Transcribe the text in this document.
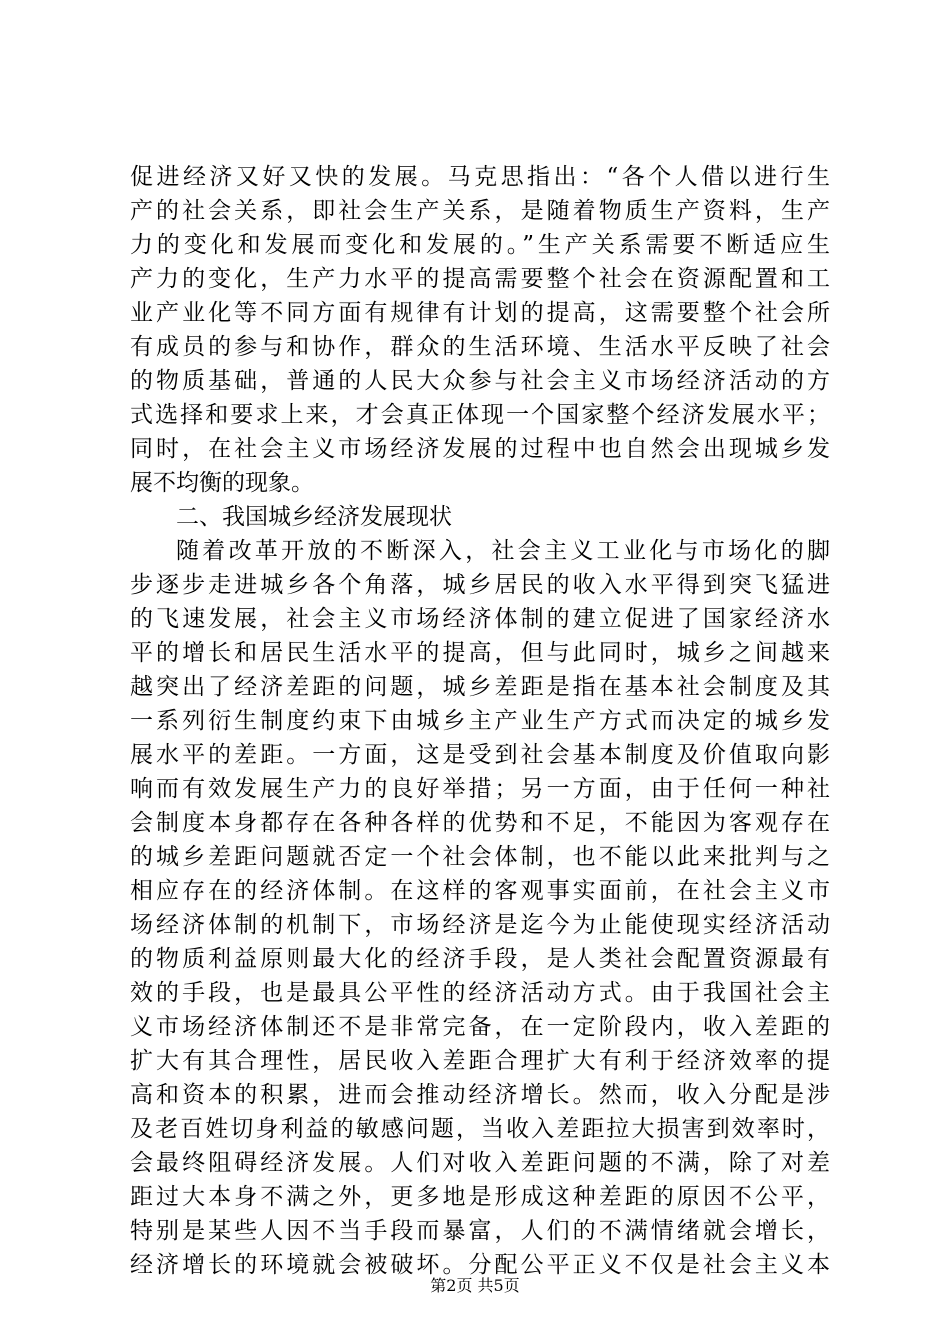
促进经济又好又快的发展。马克思指出：“各个人借以进行生
产的社会关系，即社会生产关系，是随着物质生产资料，生产
力的变化和发展而变化和发展的。”生产关系需要不断适应生
产力的变化，生产力水平的提高需要整个社会在资源配置和工
业产业化等不同方面有规律有计划的提高，这需要整个社会所
有成员的参与和协作，群众的生活环境、生活水平反映了社会
的物质基础，普通的人民大众参与社会主义市场经济活动的方
式选择和要求上来，才会真正体现一个国家整个经济发展水平；
同时，在社会主义市场经济发展的过程中也自然会出现城乡发
展不均衡的现象。
二、我国城乡经济发展现状
随着改革开放的不断深入，社会主义工业化与市场化的脚
步逐步走进城乡各个角落，城乡居民的收入水平得到突飞猛进
的飞速发展，社会主义市场经济体制的建立促进了国家经济水
平的增长和居民生活水平的提高，但与此同时，城乡之间越来
越突出了经济差距的问题，城乡差距是指在基本社会制度及其
一系列衍生制度约束下由城乡主产业生产方式而决定的城乡发
展水平的差距。一方面，这是受到社会基本制度及价值取向影
响而有效发展生产力的良好举措；另一方面，由于任何一种社
会制度本身都存在各种各样的优势和不足，不能因为客观存在
的城乡差距问题就否定一个社会体制，也不能以此来批判与之
相应存在的经济体制。在这样的客观事实面前，在社会主义市
场经济体制的机制下，市场经济是迄今为止能使现实经济活动
的物质利益原则最大化的经济手段，是人类社会配置资源最有
效的手段，也是最具公平性的经济活动方式。由于我国社会主
义市场经济体制还不是非常完备，在一定阶段内，收入差距的
扩大有其合理性，居民收入差距合理扩大有利于经济效率的提
高和资本的积累，进而会推动经济增长。然而，收入分配是涉
及老百姓切身利益的敏感问题，当收入差距拉大损害到效率时，
会最终阻碍经济发展。人们对收入差距问题的不满，除了对差
距过大本身不满之外，更多地是形成这种差距的原因不公平，
特别是某些人因不当手段而暴富，人们的不满情绪就会增长，
经济增长的环境就会被破坏。分配公平正义不仅是社会主义本
第2页 共5页
